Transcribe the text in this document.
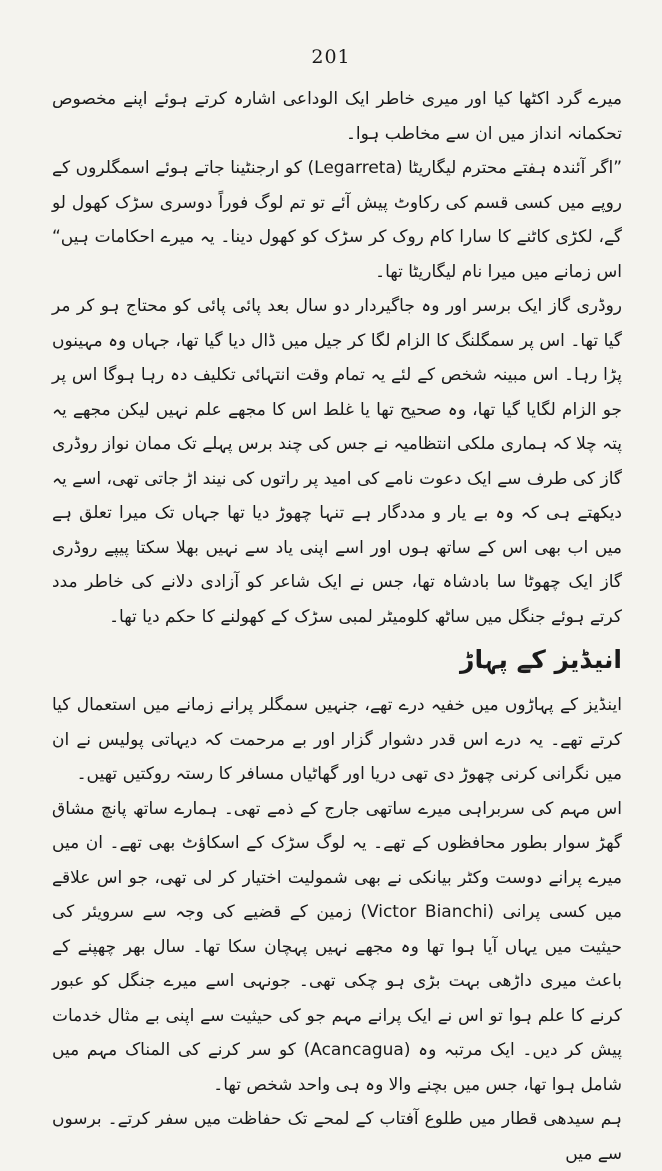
201

میرے گرد اکٹھا کیا اور میری خاطر ایک الوداعی اشارہ کرتے ہوئے اپنے مخصوص تحکمانہ انداز میں ان سے مخاطب ہوا۔

”اگر آئندہ ہفتے محترم لیگاریٹا (Legarreta) کو ارجنٹینا جاتے ہوئے اسمگلروں کے روپے میں کسی قسم کی رکاوٹ پیش آئے تو تم لوگ فوراً دوسری سڑک کھول لو گے، لکڑی کاٹنے کا سارا کام روک کر سڑک کو کھول دینا۔ یہ میرے احکامات ہیں“ اس زمانے میں میرا نام لیگاریٹا تھا۔

روڈری گاز ایک برسر اور وہ جاگیردار دو سال بعد پائی پائی کو محتاج ہو کر مر گیا تھا۔ اس پر سمگلنگ کا الزام لگا کر جیل میں ڈال دیا گیا تھا، جہاں وہ مہینوں پڑا رہا۔ اس مبینہ شخص کے لئے یہ تمام وقت انتہائی تکلیف دہ رہا ہوگا اس پر جو الزام لگایا گیا تھا، وہ صحیح تھا یا غلط اس کا مجھے علم نہیں لیکن مجھے یہ پتہ چلا کہ ہماری ملکی انتظامیہ نے جس کی چند برس پہلے تک ممان نواز روڈری گاز کی طرف سے ایک دعوت نامے کی امید پر راتوں کی نیند اڑ جاتی تھی، اسے یہ دیکھتے ہی کہ وہ بے یار و مددگار ہے تنہا چھوڑ دیا تھا جہاں تک میرا تعلق ہے میں اب بھی اس کے ساتھ ہوں اور اسے اپنی یاد سے نہیں بھلا سکتا پیپے روڈری گاز ایک چھوٹا سا بادشاہ تھا، جس نے ایک شاعر کو آزادی دلانے کی خاطر مدد کرتے ہوئے جنگل میں ساٹھ کلومیٹر لمبی سڑک کے کھولنے کا حکم دیا تھا۔

انیڈیز کے پہاڑ

اینڈیز کے پہاڑوں میں خفیہ درے تھے، جنہیں سمگلر پرانے زمانے میں استعمال کیا کرتے تھے۔ یہ درے اس قدر دشوار گزار اور بے مرحمت کہ دیہاتی پولیس نے ان میں نگرانی کرنی چھوڑ دی تھی دریا اور گھاٹیاں مسافر کا رستہ روکتیں تھیں۔

اس مہم کی سربراہی میرے ساتھی جارج کے ذمے تھی۔ ہمارے ساتھ پانچ مشاق گھڑ سوار بطور محافظوں کے تھے۔ یہ لوگ سڑک کے اسکاؤٹ بھی تھے۔ ان میں میرے پرانے دوست وکٹر بیانکی نے بھی شمولیت اختیار کر لی تھی، جو اس علاقے میں کسی پرانی (Victor Bianchi) زمین کے قضیے کی وجہ سے سرویئر کی حیثیت میں یہاں آیا ہوا تھا وہ مجھے نہیں پہچان سکا تھا۔ سال بھر چھپنے کے باعث میری داڑھی بہت بڑی ہو چکی تھی۔ جونہی اسے میرے جنگل کو عبور کرنے کا علم ہوا تو اس نے ایک پرانے مہم جو کی حیثیت سے اپنی بے مثال خدمات پیش کر دیں۔ ایک مرتبہ وہ (Acancagua) کو سر کرنے کی المناک مہم میں شامل ہوا تھا، جس میں بچنے والا وہ ہی واحد شخص تھا۔

ہم سیدھی قطار میں طلوع آفتاب کے لمحے تک حفاظت میں سفر کرتے۔ برسوں سے میں
